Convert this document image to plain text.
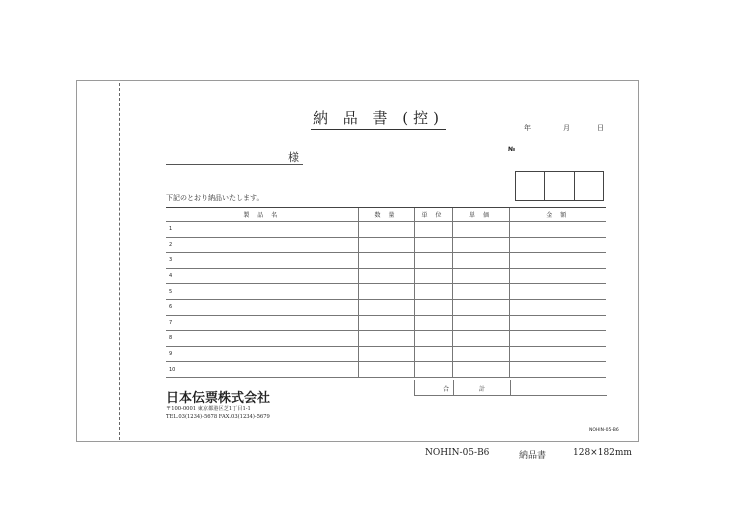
納 品 書 (控)
年	月	日
№
様
下記のとおり納品いたします。
製 品 名	数 量	単 位	単 価	金 額
1				
2				
3				
4				
5				
6				
7				
8				
9				
10				
合 計
日本伝票株式会社
〒100-0001 東京都港区芝1丁目1-1
TEL.03(1234)-5678 FAX.03(1234)-5679
NOHIN-05-B6
NOHIN-05-B6	納品書	128×182mm
